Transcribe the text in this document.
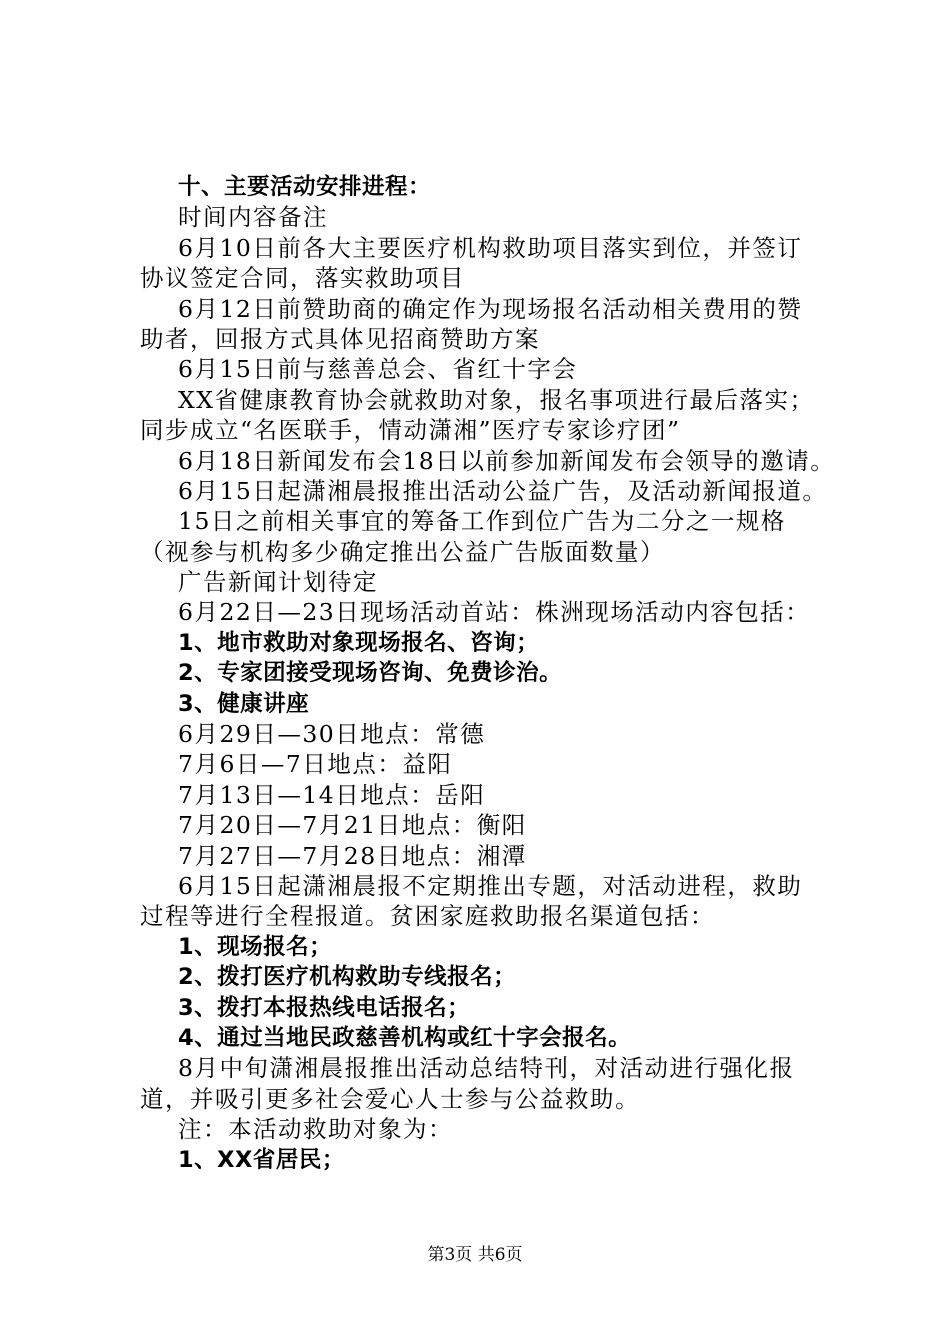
十、主要活动安排进程：
时间内容备注
6月10日前各大主要医疗机构救助项目落实到位，并签订
协议签定合同，落实救助项目
6月12日前赞助商的确定作为现场报名活动相关费用的赞
助者，回报方式具体见招商赞助方案
6月15日前与慈善总会、省红十字会
XX省健康教育协会就救助对象，报名事项进行最后落实；
同步成立“名医联手，情动潇湘”医疗专家诊疗团”
6月18日新闻发布会18日以前参加新闻发布会领导的邀请。
6月15日起潇湘晨报推出活动公益广告，及活动新闻报道。
15日之前相关事宜的筹备工作到位广告为二分之一规格
（视参与机构多少确定推出公益广告版面数量）
广告新闻计划待定
6月22日—23日现场活动首站：株洲现场活动内容包括：
1、地市救助对象现场报名、咨询；
2、专家团接受现场咨询、免费诊治。
3、健康讲座
6月29日—30日地点：常德
7月6日—7日地点：益阳
7月13日—14日地点：岳阳
7月20日—7月21日地点：衡阳
7月27日—7月28日地点：湘潭
6月15日起潇湘晨报不定期推出专题，对活动进程，救助
过程等进行全程报道。贫困家庭救助报名渠道包括：
1、现场报名；
2、拨打医疗机构救助专线报名；
3、拨打本报热线电话报名；
4、通过当地民政慈善机构或红十字会报名。
8月中旬潇湘晨报推出活动总结特刊，对活动进行强化报
道，并吸引更多社会爱心人士参与公益救助。
注：本活动救助对象为：
1、XX省居民；
第3页 共6页
